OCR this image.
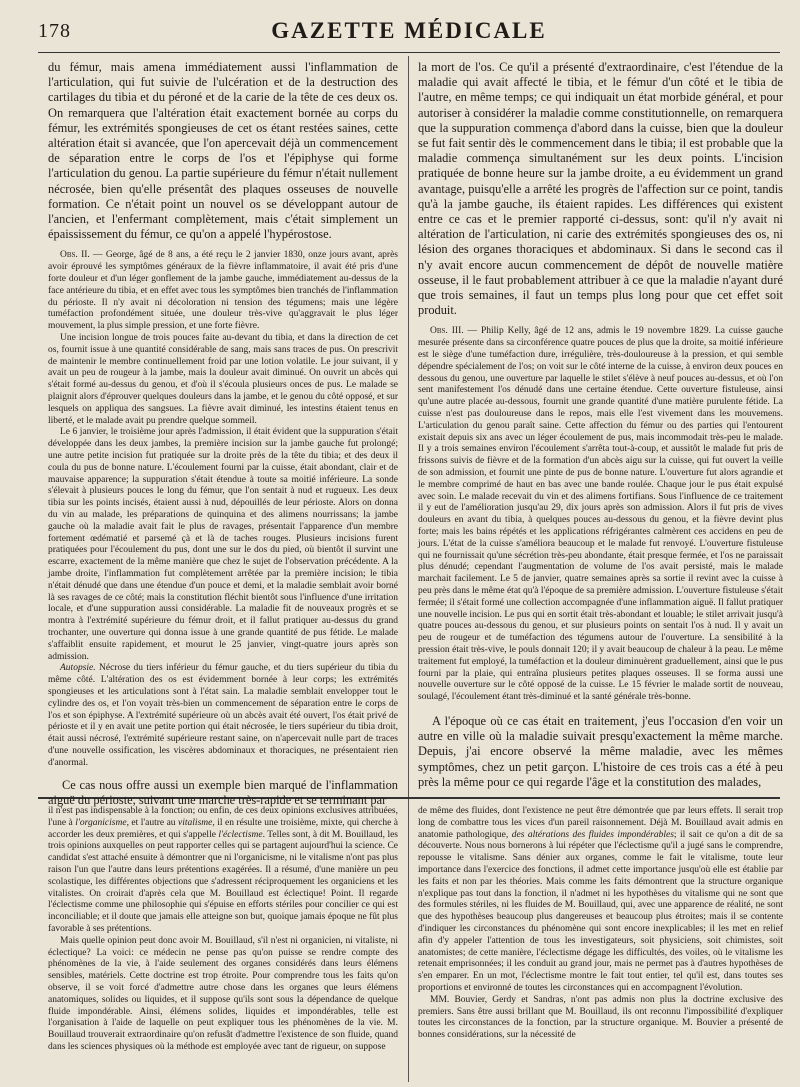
178	GAZETTE MÉDICALE

du fémur, mais amena immédiatement aussi l'inflammation de l'articulation, qui fut suivie de l'ulcération et de la destruction des cartilages du tibia et du péroné et de la carie de la tête de ces deux os. On remarquera que l'altération était exactement bornée au corps du fémur, les extrémités spongieuses de cet os étant restées saines, cette altération était si avancée, que l'on apercevait déjà un commencement de séparation entre le corps de l'os et l'épiphyse qui forme l'articulation du genou. La partie supérieure du fémur n'était nullement nécrosée, bien qu'elle présentât des plaques osseuses de nouvelle formation. Ce n'était point un nouvel os se développant autour de l'ancien, et l'enfermant complètement, mais c'était simplement un épaississement du fémur, ce qu'on a appelé l'hypérostose.

Obs. II. — George, âgé de 8 ans, a été reçu le 2 janvier 1830, onze jours avant, après avoir éprouvé les symptômes généraux de la fièvre inflammatoire, il avait été pris d'une forte douleur et d'un léger gonflement de la jambe gauche, immédiatement au-dessus de la face antérieure du tibia, et en effet avec tous les symptômes bien tranchés de l'inflammation du périoste. Il n'y avait ni décoloration ni tension des tégumens; mais une légère tuméfaction profondément située, une douleur très-vive qu'aggravait le plus léger mouvement, la plus simple pression, et une forte fièvre.

Une incision longue de trois pouces faite au-devant du tibia, et dans la direction de cet os, fournit issue à une quantité considérable de sang, mais sans traces de pus. On prescrivit de maintenir le membre continuellement froid par une lotion volatile. Le jour suivant, il y avait un peu de rougeur à la jambe, mais la douleur avait diminué. On ouvrit un abcès qui s'était formé au-dessus du genou, et d'où il s'écoula plusieurs onces de pus. Le malade se plaignit alors d'éprouver quelques douleurs dans la jambe, et le genou du côté opposé, et sur lesquels on appliqua des sangsues. La fièvre avait diminué, les intestins étaient tenus en liberté, et le malade avait pu prendre quelque sommeil.

Le 6 janvier, le troisième jour après l'admission, il était évident que la suppuration s'était développée dans les deux jambes, la première incision sur la jambe gauche fut prolongé; une autre petite incision fut pratiquée sur la droite près de la tête du tibia; et des deux il coula du pus de bonne nature. L'écoulement fourni par la cuisse, était abondant, clair et de mauvaise apparence; la suppuration s'était étendue à toute sa moitié inférieure. La sonde s'élevait à plusieurs pouces le long du fémur, que l'on sentait à nud et rugueux. Les deux tibia sur les points incisés, étaient aussi à nud, dépouillés de leur périoste. Alors on donna du vin au malade, les préparations de quinquina et des alimens nourrissans; la jambe gauche où la maladie avait fait le plus de ravages, présentait l'apparence d'un membre fortement œdématié et parsemé çà et là de taches rouges. Plusieurs incisions furent pratiquées pour l'écoulement du pus, dont une sur le dos du pied, où bientôt il survint une escarre, exactement de la même manière que chez le sujet de l'observation précédente. A la jambe droite, l'inflammation fut complètement arrêtée par la première incision; le tibia n'était dénudé que dans une étendue d'un pouce et demi, et la maladie semblait avoir borné là ses ravages de ce côté; mais la constitution fléchit bientôt sous l'influence d'une irritation locale, et d'une suppuration aussi considérable. La maladie fit de nouveaux progrès et se montra à l'extrémité supérieure du fémur droit, et il fallut pratiquer au-dessus du grand trochanter, une ouverture qui donna issue à une grande quantité de pus fétide. Le malade s'affaiblit ensuite rapidement, et mourut le 25 janvier, vingt-quatre jours après son admission.

Autopsie. Nécrose du tiers inférieur du fémur gauche, et du tiers supérieur du tibia du même côté. L'altération des os est évidemment bornée à leur corps; les extrémités spongieuses et les articulations sont à l'état sain. La maladie semblait envelopper tout le cylindre des os, et l'on voyait très-bien un commencement de séparation entre le corps de l'os et son épiphyse. A l'extrémité supérieure où un abcès avait été ouvert, l'os était privé de périoste et il y en avait une petite portion qui était nécrosée, le tiers supérieur du tibia droit, était aussi nécrosé, l'extrémité supérieure restant saine, on n'apercevait nulle part de traces d'une nouvelle ossification, les viscères abdominaux et thoraciques, ne présentaient rien d'anormal.

Ce cas nous offre aussi un exemple bien marqué de l'inflammation aiguë du périoste, suivant une marche très-rapide et se terminant par

la mort de l'os. Ce qu'il a présenté d'extraordinaire, c'est l'étendue de la maladie qui avait affecté le tibia, et le fémur d'un côté et le tibia de l'autre, en même temps; ce qui indiquait un état morbide général, et pour autoriser à considérer la maladie comme constitutionnelle, on remarquera que la suppuration commença d'abord dans la cuisse, bien que la douleur se fut fait sentir dès le commencement dans le tibia; il est probable que la maladie commença simultanément sur les deux points. L'incision pratiquée de bonne heure sur la jambe droite, a eu évidemment un grand avantage, puisqu'elle a arrêté les progrès de l'affection sur ce point, tandis qu'à la jambe gauche, ils étaient rapides. Les différences qui existent entre ce cas et le premier rapporté ci-dessus, sont: qu'il n'y avait ni altération de l'articulation, ni carie des extrémités spongieuses des os, ni lésion des organes thoraciques et abdominaux. Si dans le second cas il n'y avait encore aucun commencement de dépôt de nouvelle matière osseuse, il le faut probablement attribuer à ce que la maladie n'ayant duré que trois semaines, il faut un temps plus long pour que cet effet soit produit.

Obs. III. — Philip Kelly, âgé de 12 ans, admis le 19 novembre 1829. La cuisse gauche mesurée présente dans sa circonférence quatre pouces de plus que la droite, sa moitié inférieure est le siège d'une tuméfaction dure, irrégulière, très-douloureuse à la pression, et qui semble dépendre spécialement de l'os; on voit sur le côté interne de la cuisse, à environ deux pouces en dessous du genou, une ouverture par laquelle le stilet s'élève à neuf pouces au-dessus, et où l'on sent manifestement l'os dénudé dans une certaine étendue. Cette ouverture fistuleuse, ainsi qu'une autre placée au-dessous, fournit une grande quantité d'une matière purulente fétide. La cuisse n'est pas douloureuse dans le repos, mais elle l'est vivement dans les mouvemens. L'articulation du genou paraît saine. Cette affection du fémur ou des parties qui l'entourent existait depuis six ans avec un léger écoulement de pus, mais incommodait très-peu le malade. Il y a trois semaines environ l'écoulement s'arrêta tout-à-coup, et aussitôt le malade fut pris de frissons suivis de fièvre et de la formation d'un abcès aigu sur la cuisse, qui fut ouvert la veille de son admission, et fournit une pinte de pus de bonne nature. L'ouverture fut alors agrandie et le membre comprimé de haut en bas avec une bande roulée. Chaque jour le pus était expulsé avec soin. Le malade recevait du vin et des alimens fortifians. Sous l'influence de ce traitement il y eut de l'amélioration jusqu'au 29, dix jours après son admission. Alors il fut pris de vives douleurs en avant du tibia, à quelques pouces au-dessous du genou, et la fièvre devint plus forte; mais les bains répétés et les applications réfrigérantes calmèrent ces accidens en peu de jours. L'état de la cuisse s'améliora beaucoup et le malade fut renvoyé. L'ouverture fistuleuse qui ne fournissait qu'une sécrétion très-peu abondante, était presque fermée, et l'os ne paraissait plus dénudé; cependant l'augmentation de volume de l'os avait persisté, mais le malade marchait facilement. Le 5 de janvier, quatre semaines après sa sortie il revint avec la cuisse à peu près dans le même état qu'à l'époque de sa première admission. L'ouverture fistuleuse s'était fermée; il s'était formé une collection accompagnée d'une inflammation aiguë. Il fallut pratiquer une nouvelle incision. Le pus qui en sortit était très-abondant et louable; le stilet arrivait jusqu'à quatre pouces au-dessous du genou, et sur plusieurs points on sentait l'os à nud. Il y avait un peu de rougeur et de tuméfaction des tégumens autour de l'ouverture. La sensibilité à la pression était très-vive, le pouls donnait 120; il y avait beaucoup de chaleur à la peau. Le même traitement fut employé, la tuméfaction et la douleur diminuèrent graduellement, ainsi que le pus fourni par la plaie, qui entraîna plusieurs petites plaques osseuses. Il se forma aussi une nouvelle ouverture sur le côté opposé de la cuisse. Le 15 février le malade sortit de nouveau, soulagé, l'écoulement étant très-diminué et la santé générale très-bonne.

A l'époque où ce cas était en traitement, j'eus l'occasion d'en voir un autre en ville où la maladie suivait presqu'exactement la même marche. Depuis, j'ai encore observé la même maladie, avec les mêmes symptômes, chez un petit garçon. L'histoire de ces trois cas a été à peu près la même pour ce qui regarde l'âge et la constitution des malades,

il n'est pas indispensable à la fonction; ou enfin, de ces deux opinions exclusives attribuées, l'une à l'organicisme, et l'autre au vitalisme, il en résulte une troisième, mixte, qui cherche à accorder les deux premières, et qui s'appelle l'éclectisme. Telles sont, à dit M. Bouillaud, les trois opinions auxquelles on peut rapporter celles qui se partagent aujourd'hui la science. Ce candidat s'est attaché ensuite à démontrer que ni l'organicisme, ni le vitalisme n'ont pas plus raison l'un que l'autre dans leurs prétentions exagérées. Il a résumé, d'une manière un peu scolastique, les différentes objections que s'adressent réciproquement les organiciens et les vitalistes. On croirait d'après cela que M. Bouillaud est éclectique! Point. Il regarde l'éclectisme comme une philosophie qui s'épuise en efforts stériles pour concilier ce qui est inconciliable; et il doute que jamais elle atteigne son but, quoique jamais époque ne fût plus favorable à ses prétentions.

Mais quelle opinion peut donc avoir M. Bouillaud, s'il n'est ni organicien, ni vitaliste, ni éclectique? La voici: ce médecin ne pense pas qu'on puisse se rendre compte des phénomènes de la vie, à l'aide seulement des organes considérés dans leurs élémens sensibles, matériels. Cette doctrine est trop étroite. Pour comprendre tous les faits qu'on observe, il se voit forcé d'admettre autre chose dans les organes que leurs élémens anatomiques, solides ou liquides, et il suppose qu'ils sont sous la dépendance de quelque fluide impondérable. Ainsi, élémens solides, liquides et impondérables, telle est l'organisation à l'aide de laquelle on peut expliquer tous les phénomènes de la vie. M. Bouillaud trouverait extraordinaire qu'on refusât d'admettre l'existence de son fluide, quand dans les sciences physiques où la méthode est employée avec tant de rigueur, on suppose

de même des fluides, dont l'existence ne peut être démontrée que par leurs effets. Il serait trop long de combattre tous les vices d'un pareil raisonnement. Déjà M. Bouillaud avait admis en anatomie pathologique, des altérations des fluides impondérables; il sait ce qu'on a dit de sa découverte. Nous nous bornerons à lui répéter que l'éclectisme qu'il a jugé sans le comprendre, repousse le vitalisme. Sans dénier aux organes, comme le fait le vitalisme, toute leur importance dans l'exercice des fonctions, il admet cette importance jusqu'où elle est établie par les faits et non par les théories. Mais comme les faits démontrent que la structure organique n'explique pas tout dans la fonction, il n'admet ni les hypothèses du vitalisme qui ne sont que des formules stériles, ni les fluides de M. Bouillaud, qui, avec une apparence de réalité, ne sont que des hypothèses beaucoup plus dangereuses et beaucoup plus étroites; mais il se contente d'indiquer les circonstances du phénomène qui sont encore inexplicables; il les met en relief afin d'y appeler l'attention de tous les investigateurs, soit physiciens, soit chimistes, soit anatomistes; de cette manière, l'éclectisme dégage les difficultés, des voiles, où le vitalisme les retenait emprisonnées; il les conduit au grand jour, mais ne permet pas à d'autres hypothèses de s'en emparer. En un mot, l'éclectisme montre le fait tout entier, tel qu'il est, dans toutes ses proportions et environné de toutes les circonstances qui en accompagnent l'évolution.

MM. Bouvier, Gerdy et Sandras, n'ont pas admis non plus la doctrine exclusive des premiers. Sans être aussi brillant que M. Bouillaud, ils ont reconnu l'impossibilité d'expliquer toutes les circonstances de la fonction, par la structure organique. M. Bouvier a présenté de bonnes considérations, sur la nécessité de
